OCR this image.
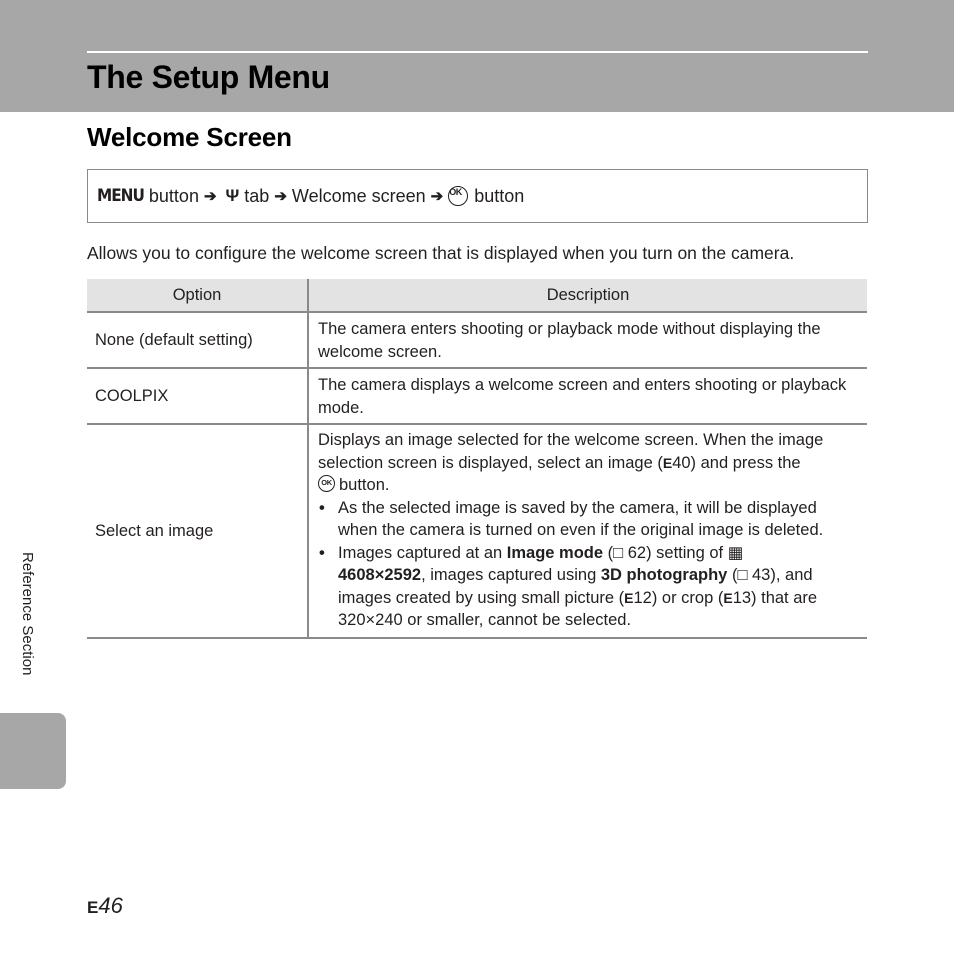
The Setup Menu
Welcome Screen
MENU button ➔ Ψ tab ➔ Welcome screen ➔ OK button
Allows you to configure the welcome screen that is displayed when you turn on the camera.
Option	Description
None (default setting)
The camera enters shooting or playback mode without displaying the welcome screen.
COOLPIX
The camera displays a welcome screen and enters shooting or playback mode.
Select an image
Displays an image selected for the welcome screen. When the image selection screen is displayed, select an image (E40) and press the
OK button.
• As the selected image is saved by the camera, it will be displayed when the camera is turned on even if the original image is deleted.
• Images captured at an Image mode (□ 62) setting of ▦
4608×2592, images captured using 3D photography (□ 43), and images created by using small picture (E12) or crop (E13) that are 320×240 or smaller, cannot be selected.
Reference Section
E46
